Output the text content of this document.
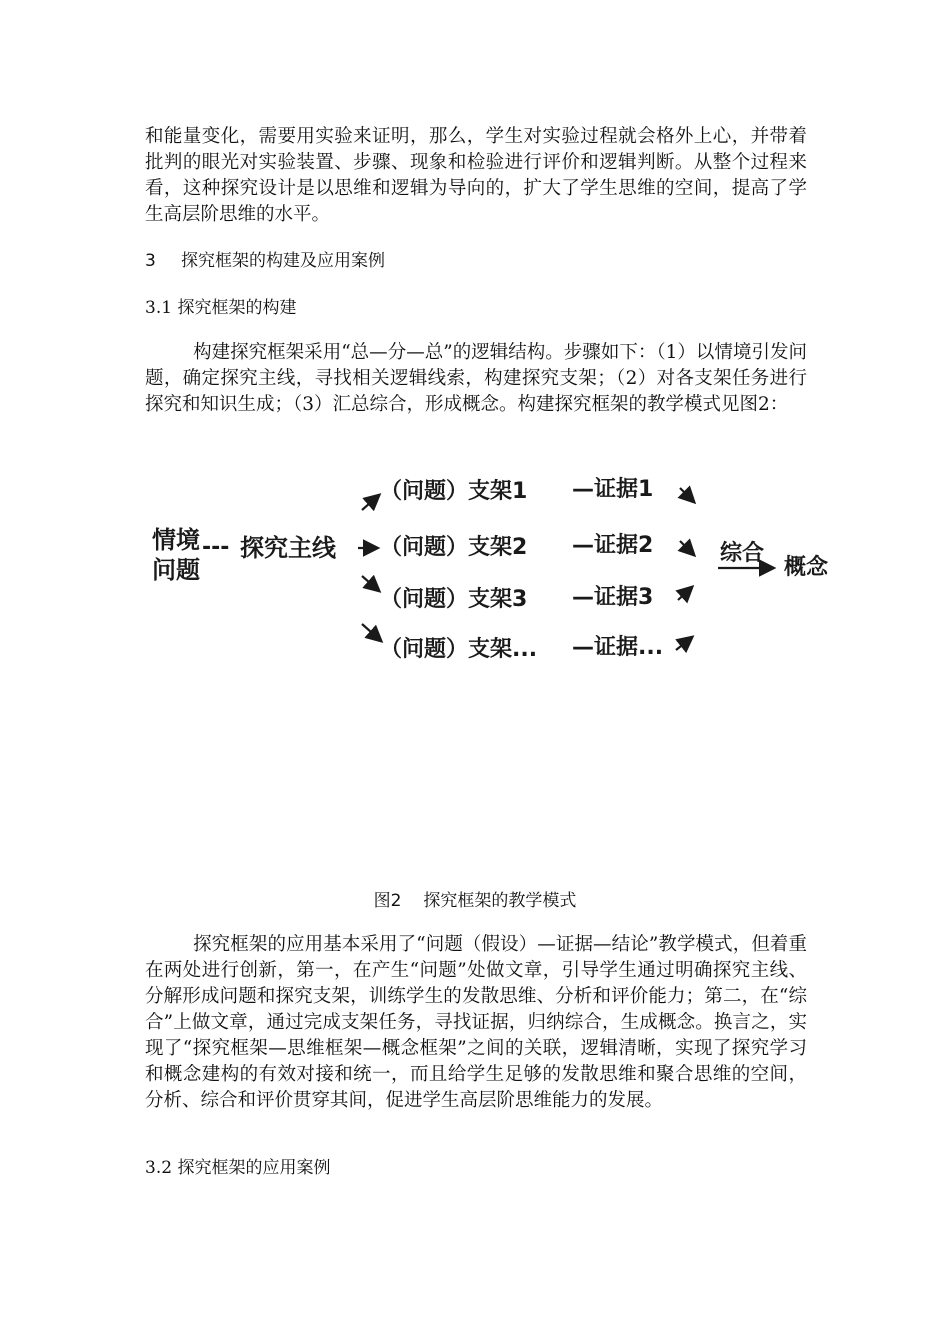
和能量变化，需要用实验来证明，那么，学生对实验过程就会格外上心，并带着批判的眼光对实验装置、步骤、现象和检验进行评价和逻辑判断。从整个过程来看，这种探究设计是以思维和逻辑为导向的，扩大了学生思维的空间，提高了学生高层阶思维的水平。

3 探究框架的构建及应用案例
3.1 探究框架的构建

构建探究框架采用“总—分—总”的逻辑结构。步骤如下：（1）以情境引发问题，确定探究主线，寻找相关逻辑线索，构建探究支架；（2）对各支架任务进行探究和知识生成；（3）汇总综合，形成概念。构建探究框架的教学模式见图2：

情境
问题
--- 探究主线
（问题）支架1 —证据1
（问题）支架2 —证据2
（问题）支架3 —证据3
（问题）支架... —证据...
综合
概念
图2 探究框架的教学模式

探究框架的应用基本采用了“问题（假设）—证据—结论”教学模式，但着重在两处进行创新，第一，在产生“问题”处做文章，引导学生通过明确探究主线、分解形成问题和探究支架，训练学生的发散思维、分析和评价能力；第二，在“综合”上做文章，通过完成支架任务，寻找证据，归纳综合，生成概念。换言之，实现了“探究框架—思维框架—概念框架”之间的关联，逻辑清晰，实现了探究学习和概念建构的有效对接和统一，而且给学生足够的发散思维和聚合思维的空间，分析、综合和评价贯穿其间，促进学生高层阶思维能力的发展。

3.2 探究框架的应用案例
